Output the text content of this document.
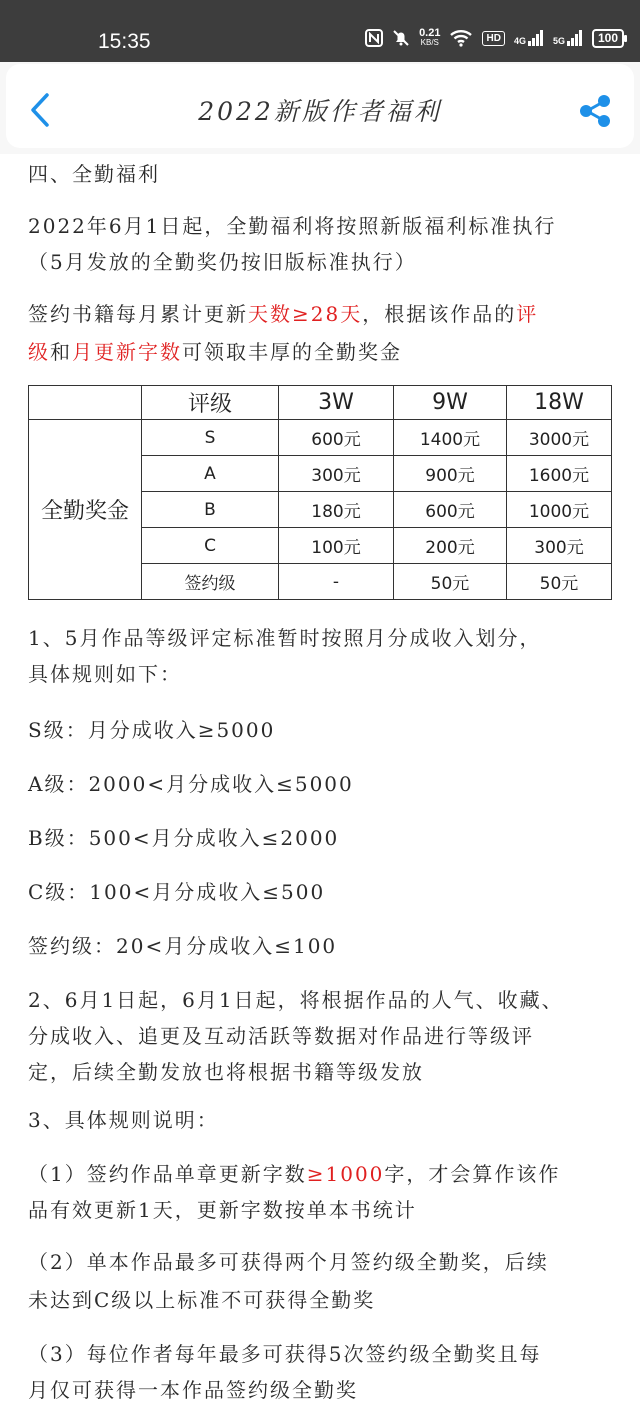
15:35	0.21
KB/S	HD	4G	5G	100
2022新版作者福利
四、全勤福利
2022年6月1日起，全勤福利将按照新版福利标准执行
（5月发放的全勤奖仍按旧版标准执行）
签约书籍每月累计更新天数≥28天，根据该作品的评
级和月更新字数可领取丰厚的全勤奖金
	评级	3W	9W	18W
全勤奖金	S	600元	1400元	3000元
	A	300元	900元	1600元
	B	180元	600元	1000元
	C	100元	200元	300元
	签约级	-	50元	50元
1、5月作品等级评定标准暂时按照月分成收入划分，
具体规则如下：
S级：月分成收入≥5000
A级：2000<月分成收入≤5000
B级：500<月分成收入≤2000
C级：100<月分成收入≤500
签约级：20<月分成收入≤100
2、6月1日起，6月1日起，将根据作品的人气、收藏、
分成收入、追更及互动活跃等数据对作品进行等级评
定，后续全勤发放也将根据书籍等级发放
3、具体规则说明：
（1）签约作品单章更新字数≥1000字，才会算作该作
品有效更新1天，更新字数按单本书统计
（2）单本作品最多可获得两个月签约级全勤奖，后续
未达到C级以上标准不可获得全勤奖
（3）每位作者每年最多可获得5次签约级全勤奖且每
月仅可获得一本作品签约级全勤奖
